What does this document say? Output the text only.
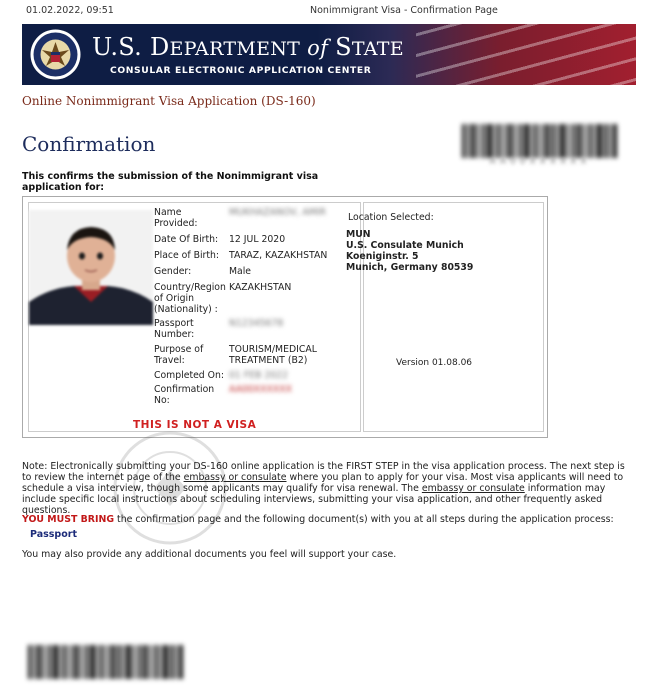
01.02.2022, 09:51	Nonimmigrant Visa - Confirmation Page
U.S. DEPARTMENT of STATE
CONSULAR ELECTRONIC APPLICATION CENTER
Online Nonimmigrant Visa Application (DS-160)
Confirmation
AA00XXXXXX
This confirms the submission of the Nonimmigrant visa application for:
Name Provided:
MUKHAZANOV, AMIR
Date Of Birth:	12 JUL 2020
Place of Birth:	TARAZ, KAZAKHSTAN
Gender:	Male
Country/Region of Origin (Nationality) :
KAZAKHSTAN
Passport Number:
N12345678
Purpose of Travel:
TOURISM/MEDICAL TREATMENT (B2)
Completed On: 01 FEB 2022
Confirmation No:
AA00XXXXXX
THIS IS NOT A VISA
Location Selected:
MUN
U.S. Consulate Munich
Koeniginstr. 5
Munich, Germany 80539
Version 01.08.06
Note: Electronically submitting your DS-160 online application is the FIRST STEP in the visa application process. The next step is to review the internet page of the embassy or consulate where you plan to apply for your visa. Most visa applicants will need to schedule a visa interview, though some applicants may qualify for visa renewal. The embassy or consulate information may include specific local instructions about scheduling interviews, submitting your visa application, and other frequently asked questions.
YOU MUST BRING the confirmation page and the following document(s) with you at all steps during the application process:
Passport
You may also provide any additional documents you feel will support your case.
